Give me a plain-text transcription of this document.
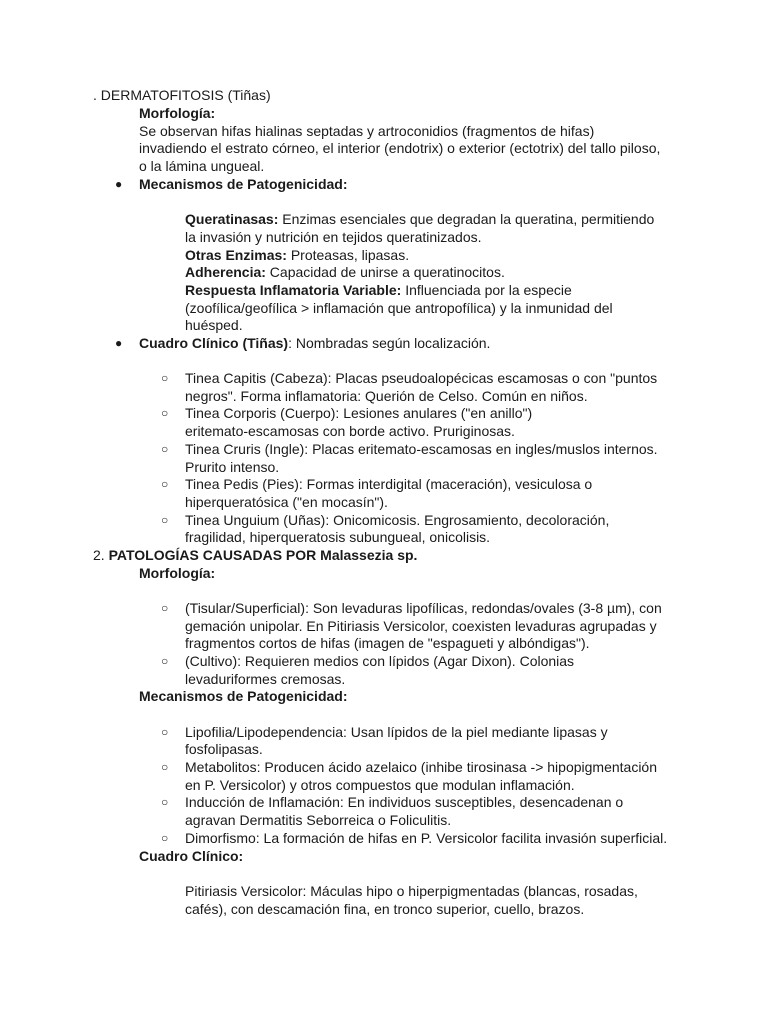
. DERMATOFITOSIS (Tiñas)
Morfología:
Se observan hifas hialinas septadas y artroconidios (fragmentos de hifas)
invadiendo el estrato córneo, el interior (endotrix) o exterior (ectotrix) del tallo piloso,
o la lámina ungueal.
● Mecanismos de Patogenicidad:
Queratinasas: Enzimas esenciales que degradan la queratina, permitiendo
la invasión y nutrición en tejidos queratinizados.
Otras Enzimas: Proteasas, lipasas.
Adherencia: Capacidad de unirse a queratinocitos.
Respuesta Inflamatoria Variable: Influenciada por la especie
(zoofílica/geofílica > inflamación que antropofílica) y la inmunidad del
huésped.
● Cuadro Clínico (Tiñas): Nombradas según localización.
○ Tinea Capitis (Cabeza): Placas pseudoalopécicas escamosas o con "puntos
negros". Forma inflamatoria: Querión de Celso. Común en niños.
○ Tinea Corporis (Cuerpo): Lesiones anulares ("en anillo")
eritemato-escamosas con borde activo. Pruriginosas.
○ Tinea Cruris (Ingle): Placas eritemato-escamosas en ingles/muslos internos.
Prurito intenso.
○ Tinea Pedis (Pies): Formas interdigital (maceración), vesiculosa o
hiperqueratósica ("en mocasín").
○ Tinea Unguium (Uñas): Onicomicosis. Engrosamiento, decoloración,
fragilidad, hiperqueratosis subungueal, onicolisis.
2. PATOLOGÍAS CAUSADAS POR Malassezia sp.
Morfología:
○ (Tisular/Superficial): Son levaduras lipofílicas, redondas/ovales (3-8 µm), con
gemación unipolar. En Pitiriasis Versicolor, coexisten levaduras agrupadas y
fragmentos cortos de hifas (imagen de "espagueti y albóndigas").
○ (Cultivo): Requieren medios con lípidos (Agar Dixon). Colonias
levaduriformes cremosas.
Mecanismos de Patogenicidad:
○ Lipofilia/Lipodependencia: Usan lípidos de la piel mediante lipasas y
fosfolipasas.
○ Metabolitos: Producen ácido azelaico (inhibe tirosinasa -> hipopigmentación
en P. Versicolor) y otros compuestos que modulan inflamación.
○ Inducción de Inflamación: En individuos susceptibles, desencadenan o
agravan Dermatitis Seborreica o Foliculitis.
○ Dimorfismo: La formación de hifas en P. Versicolor facilita invasión superficial.
Cuadro Clínico:
Pitiriasis Versicolor: Máculas hipo o hiperpigmentadas (blancas, rosadas,
cafés), con descamación fina, en tronco superior, cuello, brazos.
